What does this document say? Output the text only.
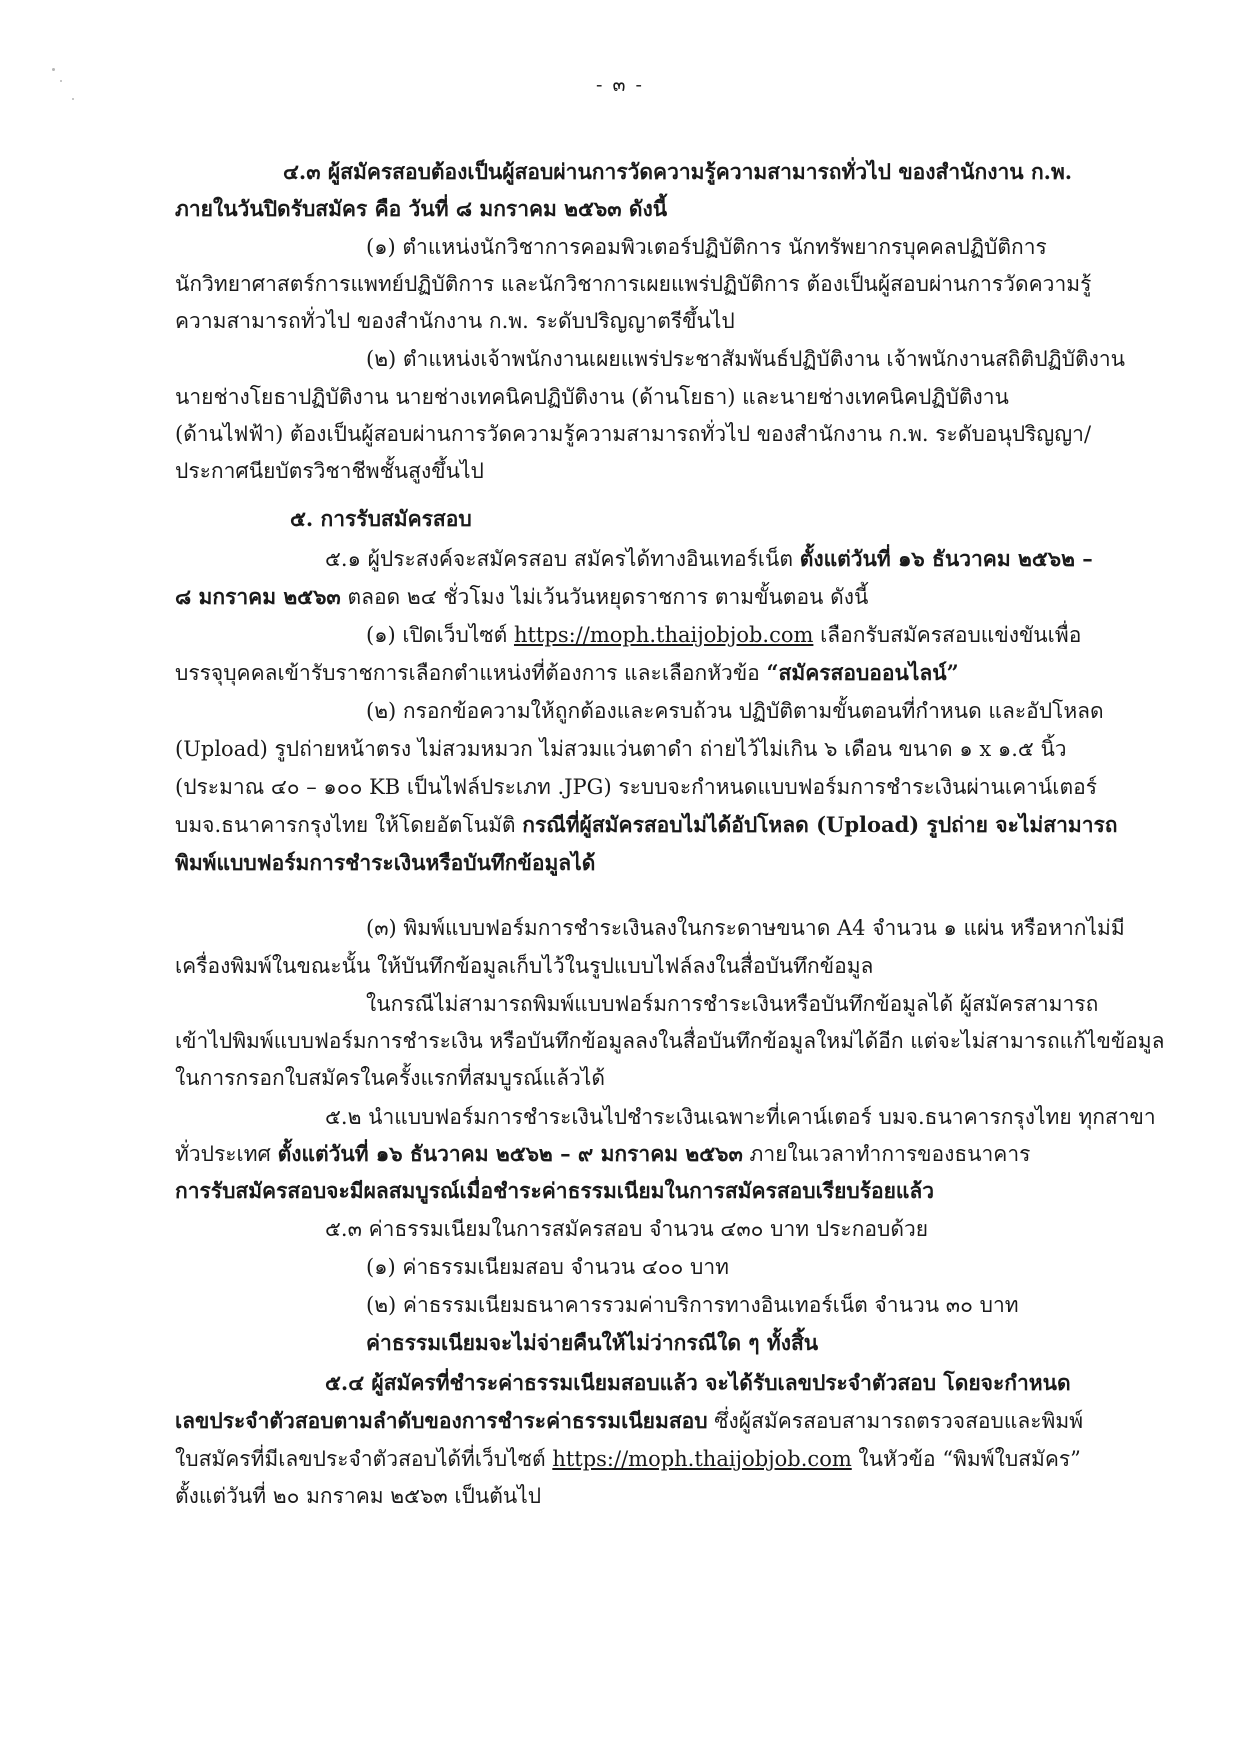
- ๓ -
๔.๓ ผู้สมัครสอบต้องเป็นผู้สอบผ่านการวัดความรู้ความสามารถทั่วไป ของสำนักงาน ก.พ.
ภายในวันปิดรับสมัคร คือ วันที่ ๘ มกราคม ๒๕๖๓ ดังนี้
(๑) ตำแหน่งนักวิชาการคอมพิวเตอร์ปฏิบัติการ นักทรัพยากรบุคคลปฏิบัติการ
นักวิทยาศาสตร์การแพทย์ปฏิบัติการ และนักวิชาการเผยแพร่ปฏิบัติการ ต้องเป็นผู้สอบผ่านการวัดความรู้
ความสามารถทั่วไป ของสำนักงาน ก.พ. ระดับปริญญาตรีขึ้นไป
(๒) ตำแหน่งเจ้าพนักงานเผยแพร่ประชาสัมพันธ์ปฏิบัติงาน เจ้าพนักงานสถิติปฏิบัติงาน
นายช่างโยธาปฏิบัติงาน นายช่างเทคนิคปฏิบัติงาน (ด้านโยธา) และนายช่างเทคนิคปฏิบัติงาน
(ด้านไฟฟ้า) ต้องเป็นผู้สอบผ่านการวัดความรู้ความสามารถทั่วไป ของสำนักงาน ก.พ. ระดับอนุปริญญา/
ประกาศนียบัตรวิชาชีพชั้นสูงขึ้นไป
๕. การรับสมัครสอบ
๕.๑ ผู้ประสงค์จะสมัครสอบ สมัครได้ทางอินเทอร์เน็ต ตั้งแต่วันที่ ๑๖ ธันวาคม ๒๕๖๒ –
๘ มกราคม ๒๕๖๓ ตลอด ๒๔ ชั่วโมง ไม่เว้นวันหยุดราชการ ตามขั้นตอน ดังนี้
(๑) เปิดเว็บไซต์ https://moph.thaijobjob.com เลือกรับสมัครสอบแข่งขันเพื่อ
บรรจุบุคคลเข้ารับราชการเลือกตำแหน่งที่ต้องการ และเลือกหัวข้อ “สมัครสอบออนไลน์”
(๒) กรอกข้อความให้ถูกต้องและครบถ้วน ปฏิบัติตามขั้นตอนที่กำหนด และอัปโหลด
(Upload) รูปถ่ายหน้าตรง ไม่สวมหมวก ไม่สวมแว่นตาดำ ถ่ายไว้ไม่เกิน ๖ เดือน ขนาด ๑ x ๑.๕ นิ้ว
(ประมาณ ๔๐ – ๑๐๐ KB เป็นไฟล์ประเภท .JPG) ระบบจะกำหนดแบบฟอร์มการชำระเงินผ่านเคาน์เตอร์
บมจ.ธนาคารกรุงไทย ให้โดยอัตโนมัติ กรณีที่ผู้สมัครสอบไม่ได้อัปโหลด (Upload) รูปถ่าย จะไม่สามารถ
พิมพ์แบบฟอร์มการชำระเงินหรือบันทึกข้อมูลได้
(๓) พิมพ์แบบฟอร์มการชำระเงินลงในกระดาษขนาด A4 จำนวน ๑ แผ่น หรือหากไม่มี
เครื่องพิมพ์ในขณะนั้น ให้บันทึกข้อมูลเก็บไว้ในรูปแบบไฟล์ลงในสื่อบันทึกข้อมูล
ในกรณีไม่สามารถพิมพ์แบบฟอร์มการชำระเงินหรือบันทึกข้อมูลได้ ผู้สมัครสามารถ
เข้าไปพิมพ์แบบฟอร์มการชำระเงิน หรือบันทึกข้อมูลลงในสื่อบันทึกข้อมูลใหม่ได้อีก แต่จะไม่สามารถแก้ไขข้อมูล
ในการกรอกใบสมัครในครั้งแรกที่สมบูรณ์แล้วได้
๕.๒ นำแบบฟอร์มการชำระเงินไปชำระเงินเฉพาะที่เคาน์เตอร์ บมจ.ธนาคารกรุงไทย ทุกสาขา
ทั่วประเทศ ตั้งแต่วันที่ ๑๖ ธันวาคม ๒๕๖๒ – ๙ มกราคม ๒๕๖๓ ภายในเวลาทำการของธนาคาร
การรับสมัครสอบจะมีผลสมบูรณ์เมื่อชำระค่าธรรมเนียมในการสมัครสอบเรียบร้อยแล้ว
๕.๓ ค่าธรรมเนียมในการสมัครสอบ จำนวน ๔๓๐ บาท ประกอบด้วย
(๑) ค่าธรรมเนียมสอบ จำนวน ๔๐๐ บาท
(๒) ค่าธรรมเนียมธนาคารรวมค่าบริการทางอินเทอร์เน็ต จำนวน ๓๐ บาท
ค่าธรรมเนียมจะไม่จ่ายคืนให้ไม่ว่ากรณีใด ๆ ทั้งสิ้น
๕.๔ ผู้สมัครที่ชำระค่าธรรมเนียมสอบแล้ว จะได้รับเลขประจำตัวสอบ โดยจะกำหนด
เลขประจำตัวสอบตามลำดับของการชำระค่าธรรมเนียมสอบ ซึ่งผู้สมัครสอบสามารถตรวจสอบและพิมพ์
ใบสมัครที่มีเลขประจำตัวสอบได้ที่เว็บไซต์ https://moph.thaijobjob.com ในหัวข้อ “พิมพ์ใบสมัคร”
ตั้งแต่วันที่ ๒๐ มกราคม ๒๕๖๓ เป็นต้นไป
